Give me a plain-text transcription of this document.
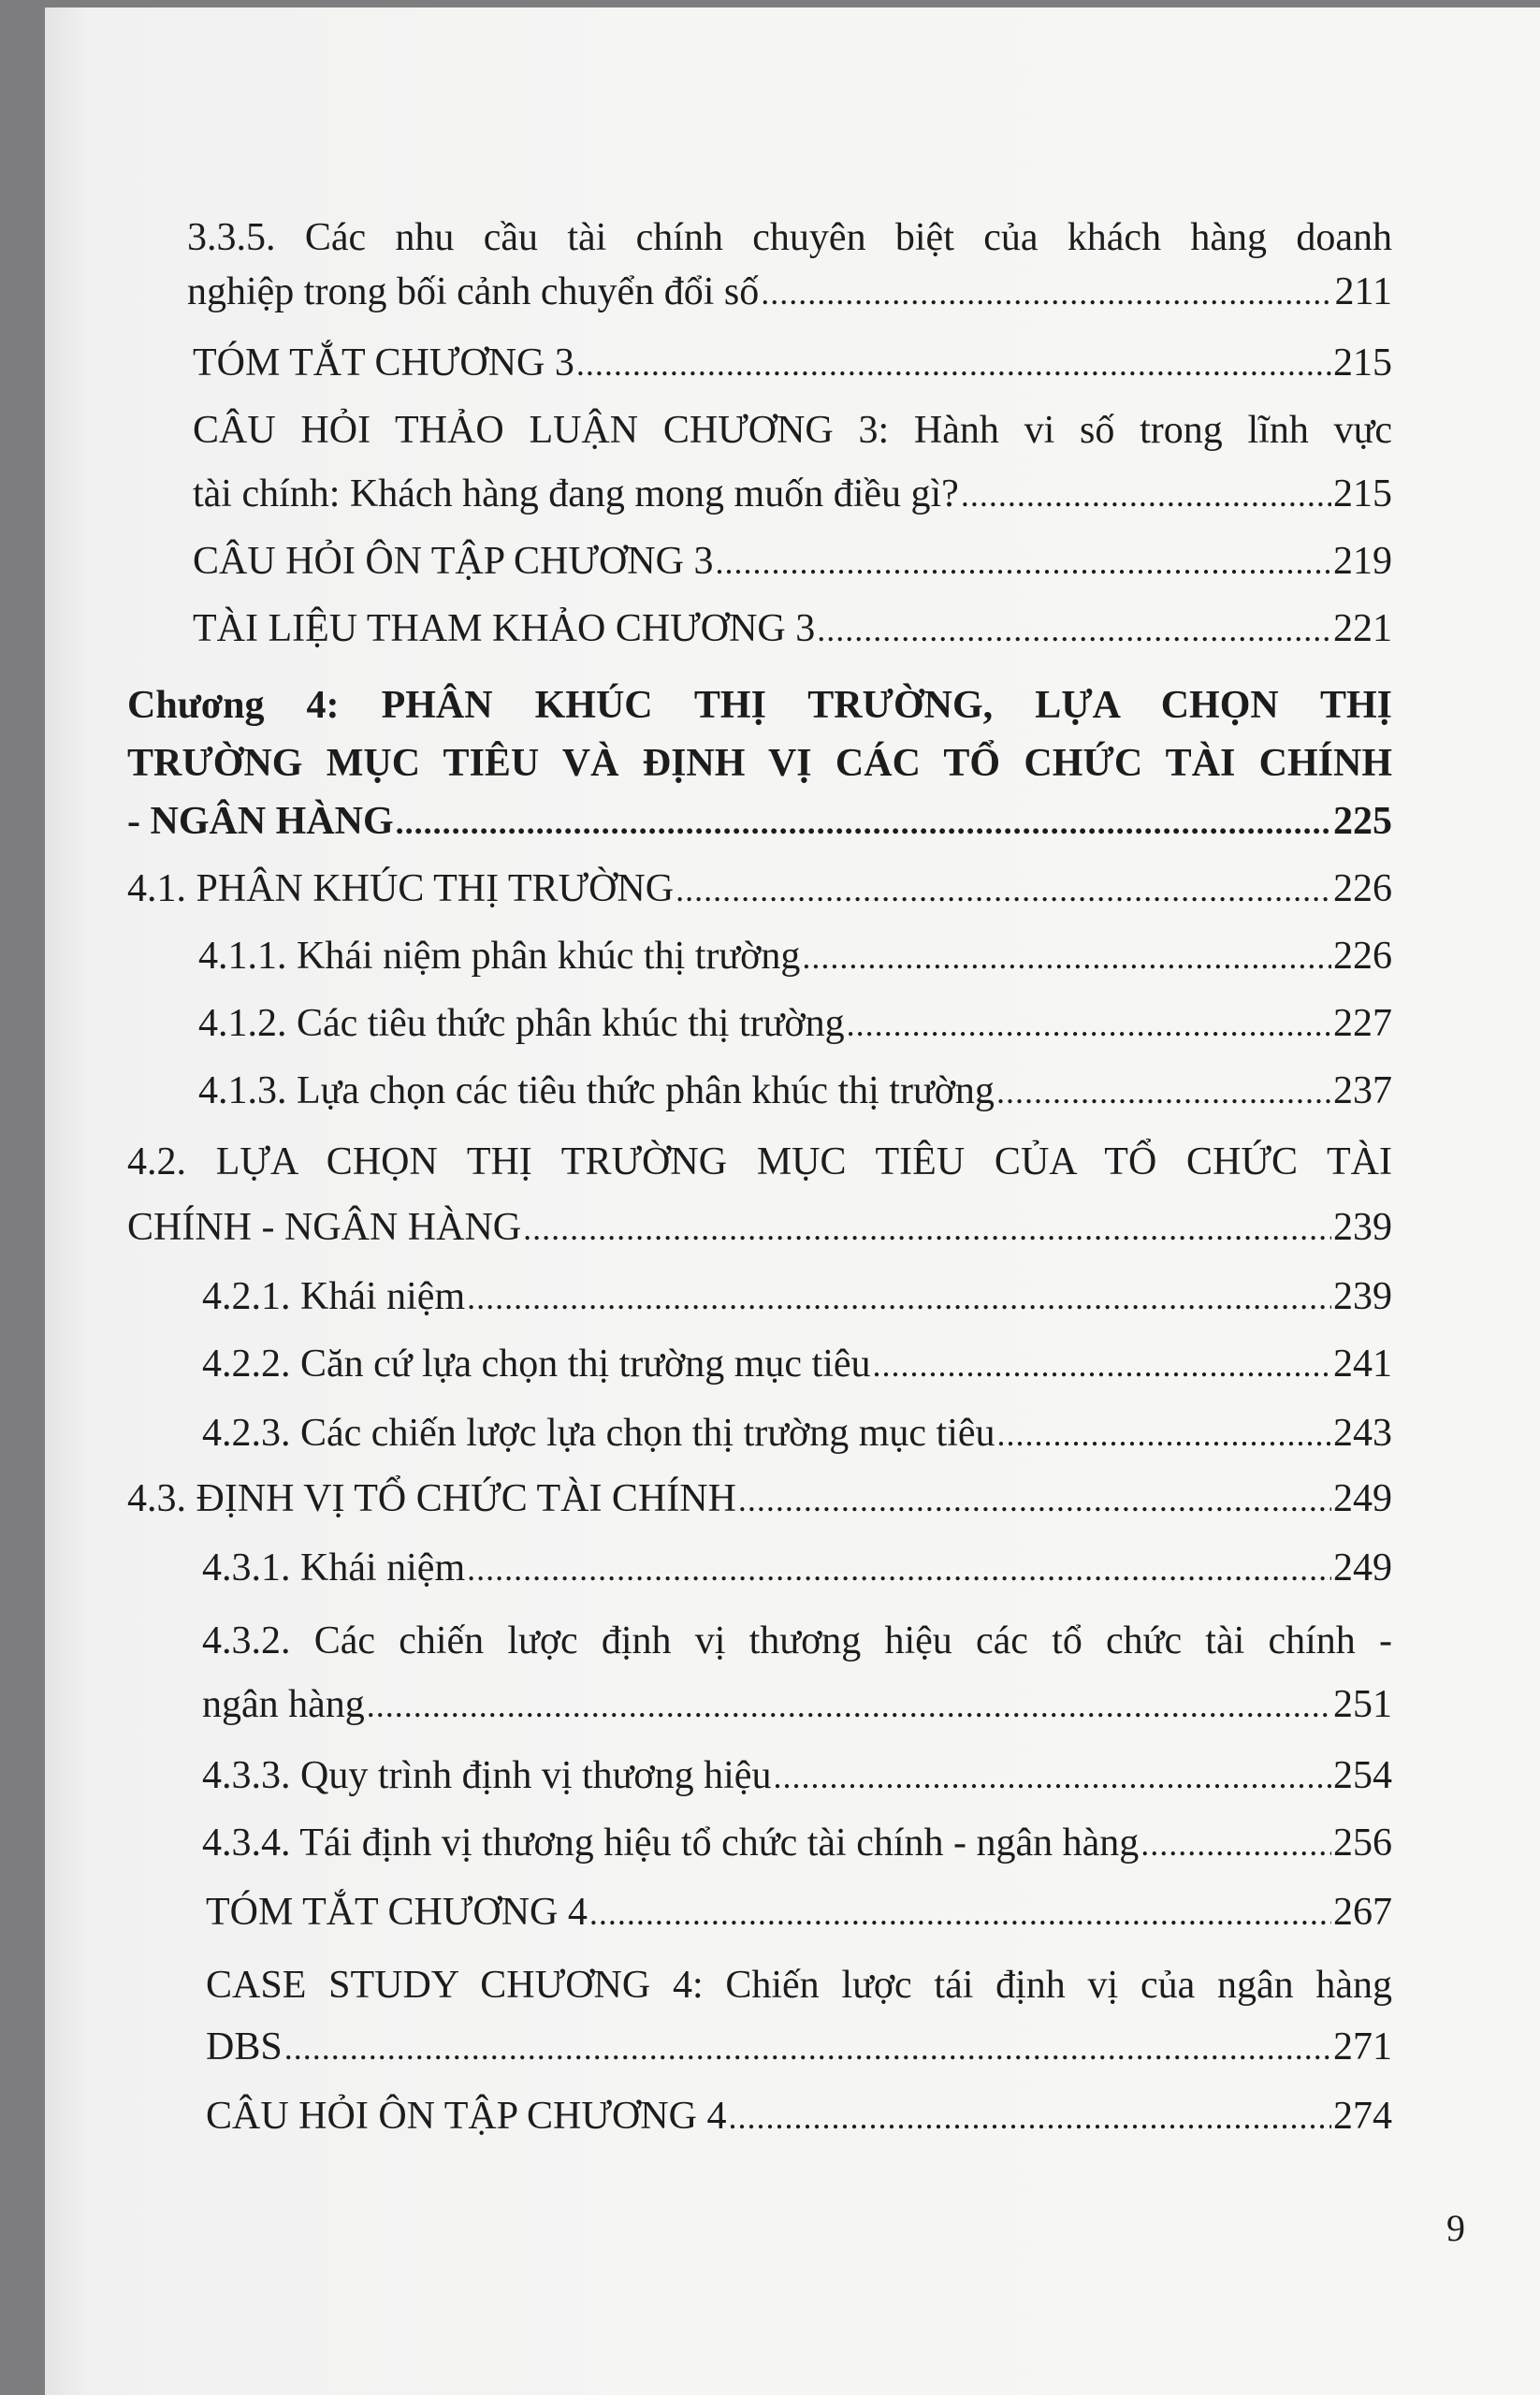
3.3.5. Các nhu cầu tài chính chuyên biệt của khách hàng doanh
nghiệp trong bối cảnh chuyển đổi số .....	211
TÓM TẮT CHƯƠNG 3 .....	215
CÂU HỎI THẢO LUẬN CHƯƠNG 3: Hành vi số trong lĩnh vực
tài chính: Khách hàng đang mong muốn điều gì? .....	215
CÂU HỎI ÔN TẬP CHƯƠNG 3 .....	219
TÀI LIỆU THAM KHẢO CHƯƠNG 3 .....	221
Chương 4: PHÂN KHÚC THỊ TRƯỜNG, LỰA CHỌN THỊ
TRƯỜNG MỤC TIÊU VÀ ĐỊNH VỊ CÁC TỔ CHỨC TÀI CHÍNH
- NGÂN HÀNG .....	225
4.1. PHÂN KHÚC THỊ TRƯỜNG .....	226
4.1.1. Khái niệm phân khúc thị trường .....	226
4.1.2. Các tiêu thức phân khúc thị trường .....	227
4.1.3. Lựa chọn các tiêu thức phân khúc thị trường .....	237
4.2. LỰA CHỌN THỊ TRƯỜNG MỤC TIÊU CỦA TỔ CHỨC TÀI
CHÍNH - NGÂN HÀNG .....	239
4.2.1. Khái niệm .....	239
4.2.2. Căn cứ lựa chọn thị trường mục tiêu .....	241
4.2.3. Các chiến lược lựa chọn thị trường mục tiêu .....	243
4.3. ĐỊNH VỊ TỔ CHỨC TÀI CHÍNH .....	249
4.3.1. Khái niệm .....	249
4.3.2. Các chiến lược định vị thương hiệu các tổ chức tài chính -
ngân hàng .....	251
4.3.3. Quy trình định vị thương hiệu .....	254
4.3.4. Tái định vị thương hiệu tổ chức tài chính - ngân hàng .....	256
TÓM TẮT CHƯƠNG 4 .....	267
CASE STUDY CHƯƠNG 4: Chiến lược tái định vị của ngân hàng
DBS .....	271
CÂU HỎI ÔN TẬP CHƯƠNG 4 .....	274
9
